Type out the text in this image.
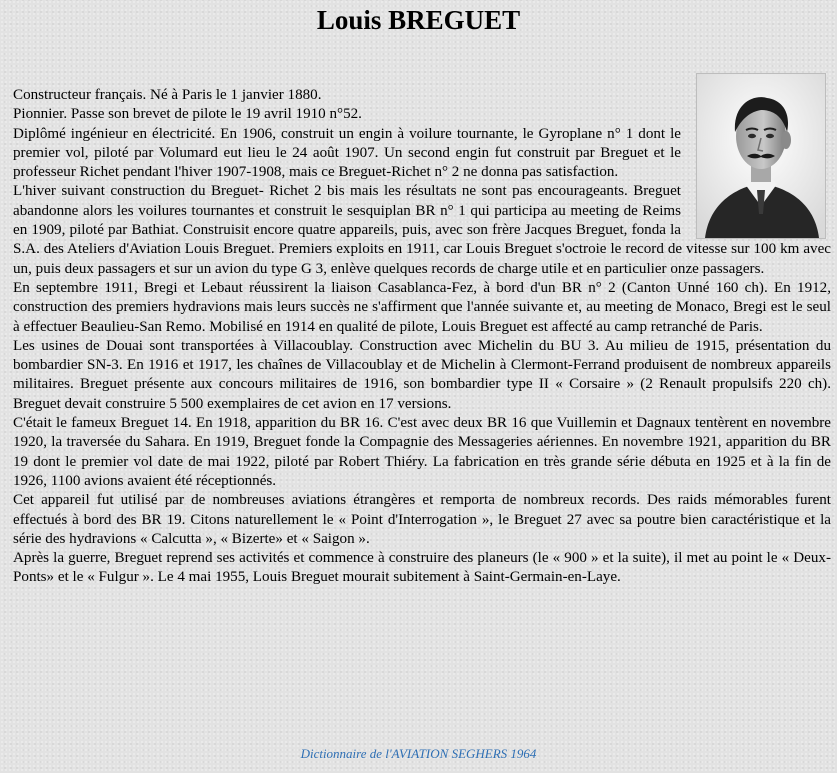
Louis BREGUET

Constructeur français. Né à Paris le 1 janvier 1880.

Pionnier. Passe son brevet de pilote le 19 avril 1910 n°52.

Diplômé ingénieur en électricité. En 1906, construit un engin à voilure tournante, le Gyroplane n° 1 dont le premier vol, piloté par Volumard eut lieu le 24 août 1907. Un second engin fut construit par Breguet et le professeur Richet pendant l'hiver 1907-1908, mais ce Breguet-Richet n° 2 ne donna pas satisfaction.

L'hiver suivant construction du Breguet- Richet 2 bis mais les résultats ne sont pas encourageants. Breguet abandonne alors les voilures tournantes et construit le sesquiplan BR n° 1 qui participa au meeting de Reims en 1909, piloté par Bathiat. Construisit encore quatre appareils, puis, avec son frère Jacques Breguet, fonda la S.A. des Ateliers d'Aviation Louis Breguet. Premiers exploits en 1911, car Louis Breguet s'octroie le record de vitesse sur 100 km avec un, puis deux passagers et sur un avion du type G 3, enlève quelques records de charge utile et en particulier onze passagers.

En septembre 1911, Bregi et Lebaut réussirent la liaison Casablanca-Fez, à bord d'un BR n° 2 (Canton Unné 160 ch). En 1912, construction des premiers hydravions mais leurs succès ne s'affirment que l'année suivante et, au meeting de Monaco, Bregi est le seul à effectuer Beaulieu-San Remo. Mobilisé en 1914 en qualité de pilote, Louis Breguet est affecté au camp retranché de Paris.

Les usines de Douai sont transportées à Villacoublay. Construction avec Michelin du BU 3. Au milieu de 1915, présentation du bombardier SN-3. En 1916 et 1917, les chaînes de Villacoublay et de Michelin à Clermont-Ferrand produisent de nombreux appareils militaires. Breguet présente aux concours militaires de 1916, son bombardier type II « Corsaire » (2 Renault propulsifs 220 ch). Breguet devait construire 5 500 exemplaires de cet avion en 17 versions.

C'était le fameux Breguet 14. En 1918, apparition du BR 16. C'est avec deux BR 16 que Vuillemin et Dagnaux tentèrent en novembre 1920, la traversée du Sahara. En 1919, Breguet fonde la Compagnie des Messageries aériennes. En novembre 1921, apparition du BR 19 dont le premier vol date de mai 1922, piloté par Robert Thiéry. La fabrication en très grande série débuta en 1925 et à la fin de 1926, 1100 avions avaient été réceptionnés.

Cet appareil fut utilisé par de nombreuses aviations étrangères et remporta de nombreux records. Des raids mémorables furent effectués à bord des BR 19. Citons naturellement le « Point d'Interrogation », le Breguet 27 avec sa poutre bien caractéristique et la série des hydravions « Calcutta », « Bizerte» et « Saigon ».

Après la guerre, Breguet reprend ses activités et commence à construire des planeurs (le « 900 » et la suite), il met au point le « Deux-Ponts» et le « Fulgur ». Le 4 mai 1955, Louis Breguet mourait subitement à Saint-Germain-en-Laye.

Dictionnaire de l'AVIATION SEGHERS 1964
